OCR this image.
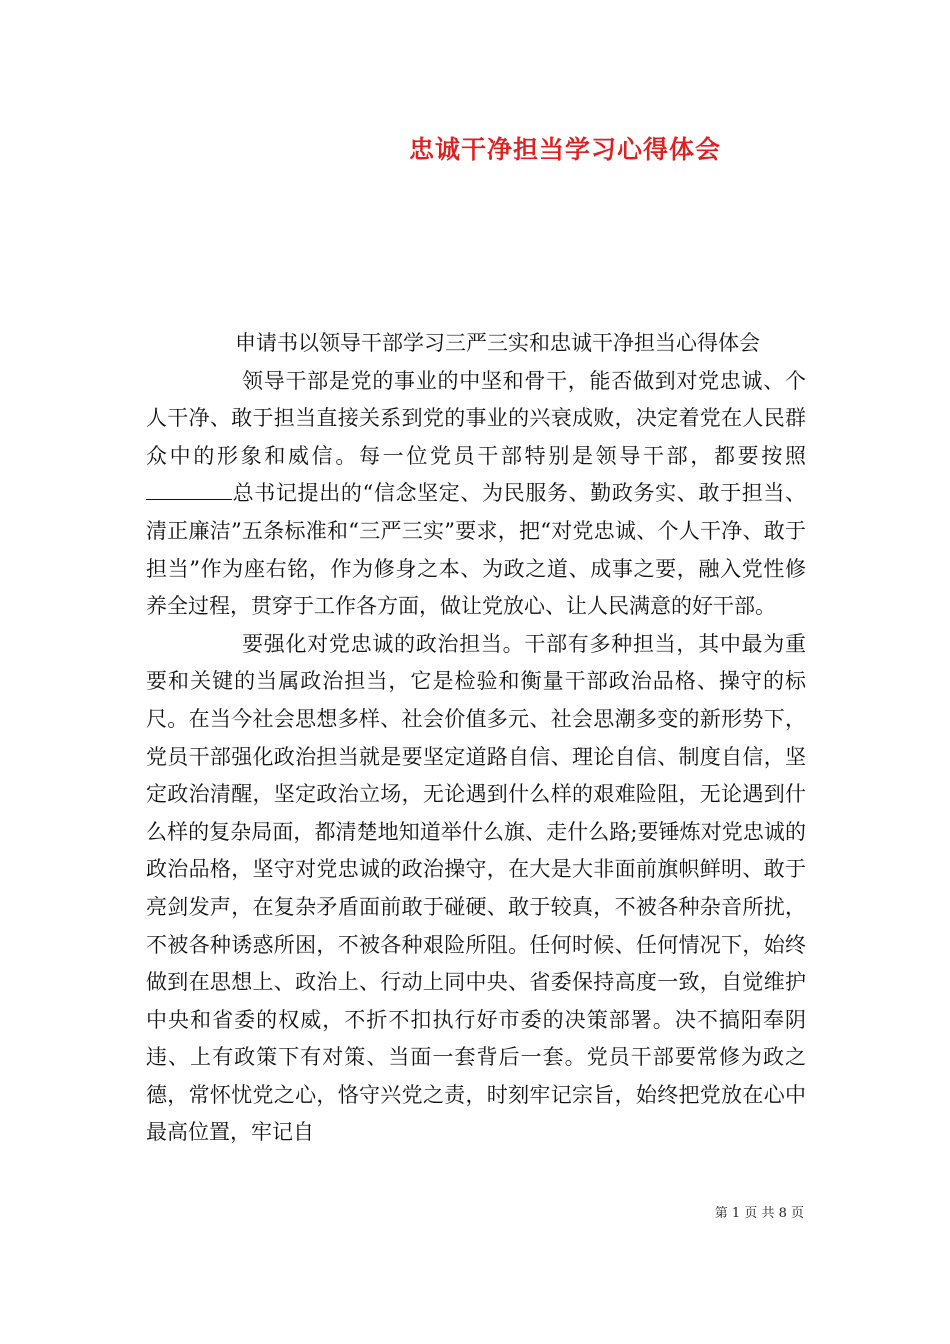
忠诚干净担当学习心得体会

申请书以领导干部学习三严三实和忠诚干净担当心得体会

领导干部是党的事业的中坚和骨干，能否做到对党忠诚、个人干净、敢于担当直接关系到党的事业的兴衰成败，决定着党在人民群众中的形象和威信。每一位党员干部特别是领导干部，都要按照总书记提出的“信念坚定、为民服务、勤政务实、敢于担当、清正廉洁”五条标准和“三严三实”要求，把“对党忠诚、个人干净、敢于担当”作为座右铭，作为修身之本、为政之道、成事之要，融入党性修养全过程，贯穿于工作各方面，做让党放心、让人民满意的好干部。

要强化对党忠诚的政治担当。干部有多种担当，其中最为重要和关键的当属政治担当，它是检验和衡量干部政治品格、操守的标尺。在当今社会思想多样、社会价值多元、社会思潮多变的新形势下，党员干部强化政治担当就是要坚定道路自信、理论自信、制度自信，坚定政治清醒，坚定政治立场，无论遇到什么样的艰难险阻，无论遇到什么样的复杂局面，都清楚地知道举什么旗、走什么路;要锤炼对党忠诚的政治品格，坚守对党忠诚的政治操守，在大是大非面前旗帜鲜明、敢于亮剑发声，在复杂矛盾面前敢于碰硬、敢于较真，不被各种杂音所扰，不被各种诱惑所困，不被各种艰险所阻。任何时候、任何情况下，始终做到在思想上、政治上、行动上同中央、省委保持高度一致，自觉维护中央和省委的权威，不折不扣执行好市委的决策部署。决不搞阳奉阴违、上有政策下有对策、当面一套背后一套。党员干部要常修为政之德，常怀忧党之心，恪守兴党之责，时刻牢记宗旨，始终把党放在心中最高位置，牢记自

第 1 页 共 8 页
